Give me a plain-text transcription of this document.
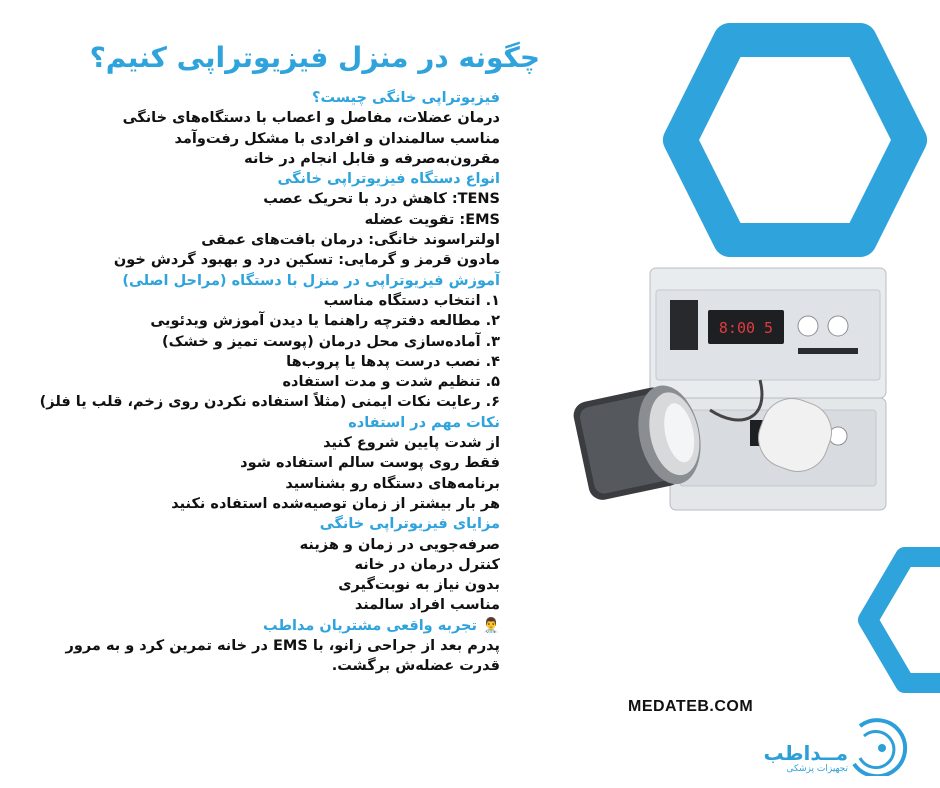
چگونه در منزل فیزیوتراپی کنیم؟
فیزیوتراپی خانگی چیست؟
درمان عضلات، مفاصل و اعصاب با دستگاه‌های خانگی
مناسب سالمندان و افرادی با مشکل رفت‌وآمد
مقرون‌به‌صرفه و قابل انجام در خانه
انواع دستگاه فیزیوتراپی خانگی
TENS: کاهش درد با تحریک عصب
EMS: تقویت عضله
اولتراسوند خانگی: درمان بافت‌های عمقی
مادون قرمز و گرمایی: تسکین درد و بهبود گردش خون
آموزش فیزیوتراپی در منزل با دستگاه (مراحل اصلی)
۱. انتخاب دستگاه مناسب
۲. مطالعه دفترچه راهنما یا دیدن آموزش ویدئویی
۳. آماده‌سازی محل درمان (پوست تمیز و خشک)
۴. نصب درست پدها یا پروب‌ها
۵. تنظیم شدت و مدت استفاده
۶. رعایت نکات ایمنی (مثلاً استفاده نکردن روی زخم، قلب یا فلز)
نکات مهم در استفاده
از شدت پایین شروع کنید
فقط روی پوست سالم استفاده شود
برنامه‌های دستگاه رو بشناسید
هر بار بیشتر از زمان توصیه‌شده استفاده نکنید
مزایای فیزیوتراپی خانگی
صرفه‌جویی در زمان و هزینه
کنترل درمان در خانه
بدون نیاز به نوبت‌گیری
مناسب افراد سالمند
👨‍⚕️ تجربه واقعی مشتریان مداطب
پدرم بعد از جراحی زانو، با EMS در خانه تمرین کرد و به مرور قدرت عضله‌ش برگشت.
8:00 5
MEDATEB.COM
مــداطب
تجهیزات پزشکی
